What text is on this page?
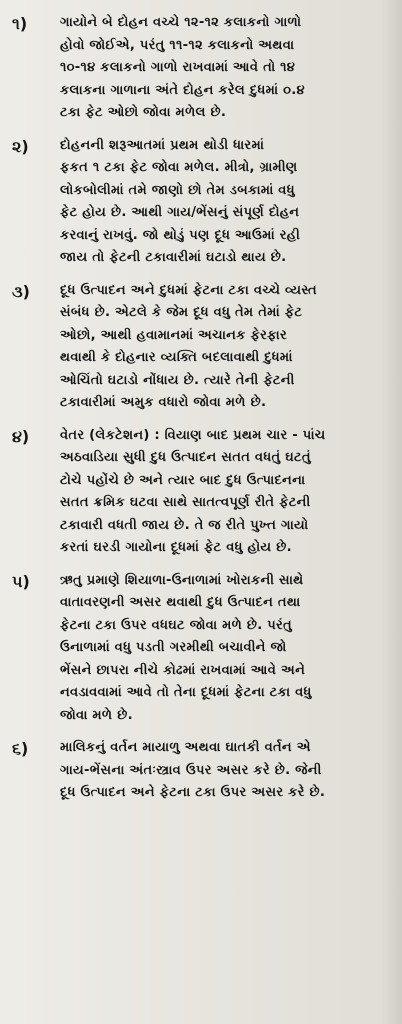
૧)	ગાયોને બે દોહન વચ્ચે ૧૨-૧૨ કલાકનો ગાળો
હોવો જોઈએ, પરંતુ ૧૧-૧૨ કલાકનો અથવા
૧૦-૧૪ કલાકનો ગાળો રાખવામાં આવે તો ૧૪
કલાકના ગાળાના અંતે દોહન કરેલ દુધમાં ૦.૪
ટકા ફેટ ઓછો જોવા મળેલ છે.
૨)	દોહનની શરૂઆતમાં પ્રથમ થોડી ધારમાં
ફકત ૧ ટકા ફેટ જોવા મળેલ. મીત્રો, ગ્રામીણ
લોકબોલીમાં તમે જાણો છો તેમ ડબકામાં વધુ
ફેટ હોય છે. આથી ગાય/ભેંસનું સંપૂર્ણ દોહન
કરવાનું રાખવું. જો થોડું પણ દૂધ આઉમાં રહી
જાય તો ફેટની ટકાવારીમાં ઘટાડો થાય છે.
૩)	દૂધ ઉત્પાદન અને દુધમાં ફેટના ટકા વચ્ચે વ્યસ્ત
સંબંધ છે. એટલે કે જેમ દૂધ વધુ તેમ તેમાં ફેટ
ઓછો, આથી હવામાનમાં અચાનક ફેરફાર
થવાથી કે દોહનાર વ્યક્તિ બદલાવાથી દુધમાં
ઓચિંતો ઘટાડો નોંધાય છે. ત્યારે તેની ફેટની
ટકાવારીમાં અમુક વધારો જોવા મળે છે.
૪)	વેતર (લેકટેશન) : વિયાણ બાદ પ્રથમ ચાર - પાંચ
અઠવાડિયા સુધી દુધ ઉત્પાદન સતત વધતું ઘટતું
ટોચે પહોંચે છે અને ત્યાર બાદ દુધ ઉત્પાદનના
સતત ક્રમિક ઘટવા સાથે સાતત્વપૂર્ણ રીતે ફેટની
ટકાવારી વધતી જાય છે. તે જ રીતે પુખ્ત ગાયો
કરતાં ઘરડી ગાયોના દૂધમાં ફેટ વધુ હોય છે.
૫)	ઋતુ પ્રમાણે શિયાળા-ઉનાળામાં ખોરાકની સાથે
વાતાવરણની અસર થવાથી દુધ ઉત્પાદન તથા
ફેટના ટકા ઉપર વધઘટ જોવા મળે છે. પરંતુ
ઉનાળામાં વધુ પડતી ગરમીથી બચાવીને જો
ભેંસને છાપરા નીચે કોઢમાં રાખવામાં આવે અને
નવડાવવામાં આવે તો તેના દૂધમાં ફેટના ટકા વધુ
જોવા મળે છે.
૬)	માલિકનું વર્તન માયાળુ અથવા ઘાતકી વર્તન એ
ગાય-ભેંસના અંતઃસ્ત્રાવ ઉપર અસર કરે છે. જેની
દૂધ ઉત્પાદન અને ફેટના ટકા ઉપર અસર કરે છે.
